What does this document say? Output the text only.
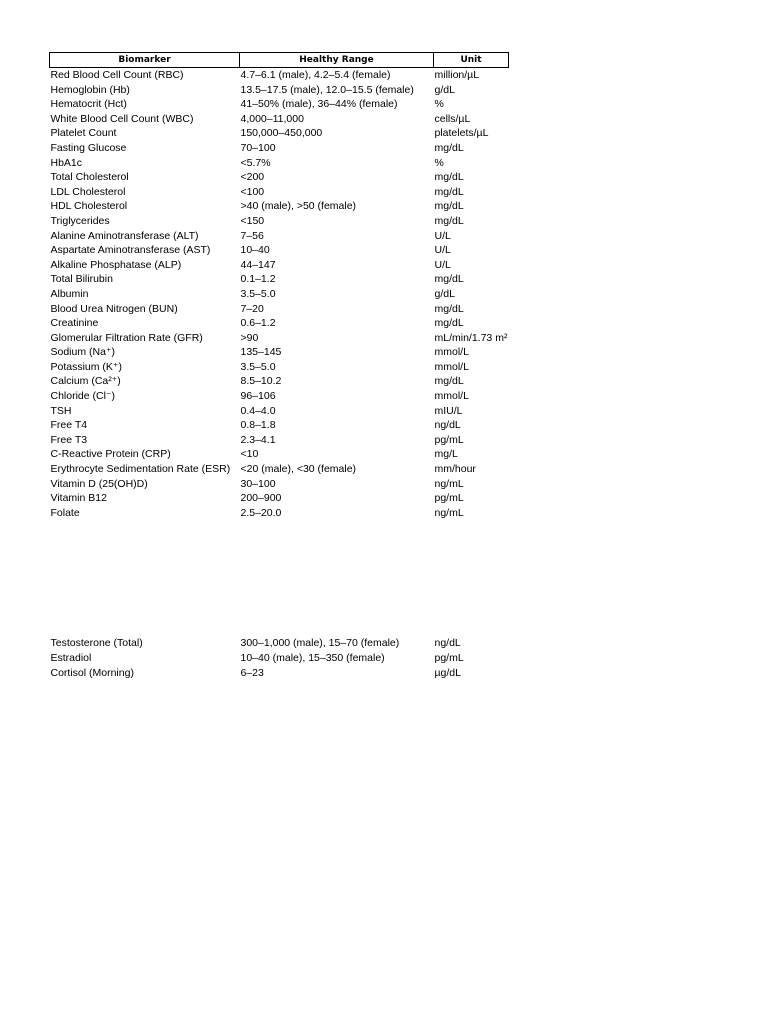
Biomarker	Healthy Range	Unit
Red Blood Cell Count (RBC)	4.7–6.1 (male), 4.2–5.4 (female)	million/µL
Hemoglobin (Hb)	13.5–17.5 (male), 12.0–15.5 (female)	g/dL
Hematocrit (Hct)	41–50% (male), 36–44% (female)	%
White Blood Cell Count (WBC)	4,000–11,000	cells/µL
Platelet Count	150,000–450,000	platelets/µL
Fasting Glucose	70–100	mg/dL
HbA1c	<5.7%	%
Total Cholesterol	<200	mg/dL
LDL Cholesterol	<100	mg/dL
HDL Cholesterol	>40 (male), >50 (female)	mg/dL
Triglycerides	<150	mg/dL
Alanine Aminotransferase (ALT)	7–56	U/L
Aspartate Aminotransferase (AST)	10–40	U/L
Alkaline Phosphatase (ALP)	44–147	U/L
Total Bilirubin	0.1–1.2	mg/dL
Albumin	3.5–5.0	g/dL
Blood Urea Nitrogen (BUN)	7–20	mg/dL
Creatinine	0.6–1.2	mg/dL
Glomerular Filtration Rate (GFR)	>90	mL/min/1.73 m²
Sodium (Na⁺)	135–145	mmol/L
Potassium (K⁺)	3.5–5.0	mmol/L
Calcium (Ca²⁺)	8.5–10.2	mg/dL
Chloride (Cl⁻)	96–106	mmol/L
TSH	0.4–4.0	mIU/L
Free T4	0.8–1.8	ng/dL
Free T3	2.3–4.1	pg/mL
C-Reactive Protein (CRP)	<10	mg/L
Erythrocyte Sedimentation Rate (ESR)	<20 (male), <30 (female)	mm/hour
Vitamin D (25(OH)D)	30–100	ng/mL
Vitamin B12	200–900	pg/mL
Folate	2.5–20.0	ng/mL

Testosterone (Total)	300–1,000 (male), 15–70 (female)	ng/dL
Estradiol	10–40 (male), 15–350 (female)	pg/mL
Cortisol (Morning)	6–23	µg/dL
